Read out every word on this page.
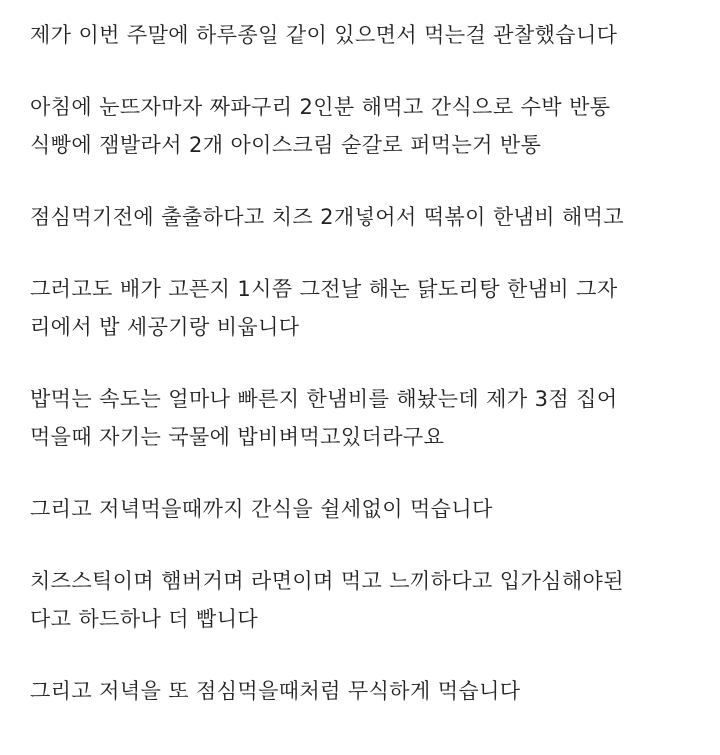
제가 이번 주말에 하루종일 같이 있으면서 먹는걸 관찰했습니다
아침에 눈뜨자마자 짜파구리 2인분 해먹고 간식으로 수박 반통
식빵에 잼발라서 2개 아이스크림 숟갈로 퍼먹는거 반통
점심먹기전에 출출하다고 치즈 2개넣어서 떡볶이 한냄비 해먹고
그러고도 배가 고픈지 1시쯤 그전날 해논 닭도리탕 한냄비 그자
리에서 밥 세공기랑 비웁니다
밥먹는 속도는 얼마나 빠른지 한냄비를 해놨는데 제가 3점 집어
먹을때 자기는 국물에 밥비벼먹고있더라구요
그리고 저녁먹을때까지 간식을 쉴세없이 먹습니다
치즈스틱이며 햄버거며 라면이며 먹고 느끼하다고 입가심해야된
다고 하드하나 더 빱니다
그리고 저녁을 또 점심먹을때처럼 무식하게 먹습니다
